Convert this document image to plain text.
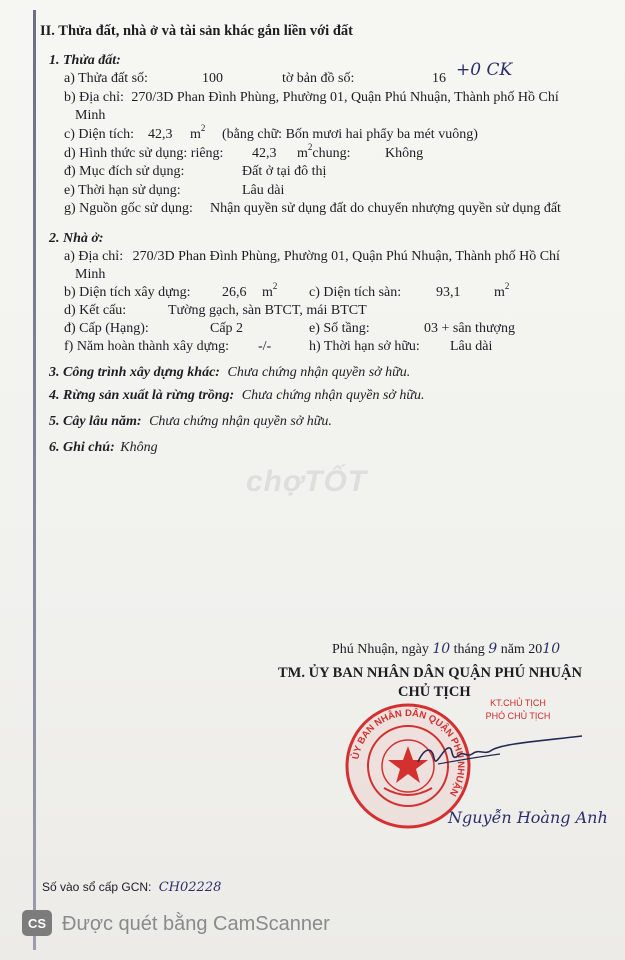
II. Thửa đất, nhà ở và tài sản khác gắn liền với đất
1. Thửa đất:
a) Thửa đất số:	100	tờ bản đồ số:	16 +0 CK
b) Địa chỉ: 270/3D Phan Đình Phùng, Phường 01, Quận Phú Nhuận, Thành phố Hồ Chí
Minh
c) Diện tích: 42,3 $m^2$ (bằng chữ: Bốn mươi hai phẩy ba mét vuông)
d) Hình thức sử dụng: riêng: 42,3 $m^2chung$: Không
đ) Mục đích sử dụng:	Đất ở tại đô thị
e) Thời hạn sử dụng:	Lâu dài
g) Nguồn gốc sử dụng: Nhận quyền sử dụng đất do chuyển nhượng quyền sử dụng đất
2. Nhà ở:
a) Địa chỉ: 270/3D Phan Đình Phùng, Phường 01, Quận Phú Nhuận, Thành phố Hồ Chí
Minh
b) Diện tích xây dựng: 26,6 $m^2$ c) Diện tích sàn: 93,1 $m^2$
d) Kết cấu:	Tường gạch, sàn BTCT, mái BTCT
đ) Cấp (Hạng):	Cấp 2	e) Số tầng:	03 + sân thượng
f) Năm hoàn thành xây dựng: -/-	h) Thời hạn sở hữu: Lâu dài
3. Công trình xây dựng khác: Chưa chứng nhận quyền sở hữu.
4. Rừng sản xuất là rừng trồng: Chưa chứng nhận quyền sở hữu.
5. Cây lâu năm: Chưa chứng nhận quyền sở hữu.
6. Ghi chú: Không
chợTỐT
Phú Nhuận, ngày 10 tháng 9 năm 2010
TM. ỦY BAN NHÂN DÂN QUẬN PHÚ NHUẬN
CHỦ TỊCH
KT.CHỦ TỊCH
PHÓ CHỦ TỊCH
ỦY BAN NHÂN DÂN QUẬN PHÚ NHUẬN
Nguyễn Hoàng Anh
Số vào sổ cấp GCN: CH02228
CS Được quét bằng CamScanner
